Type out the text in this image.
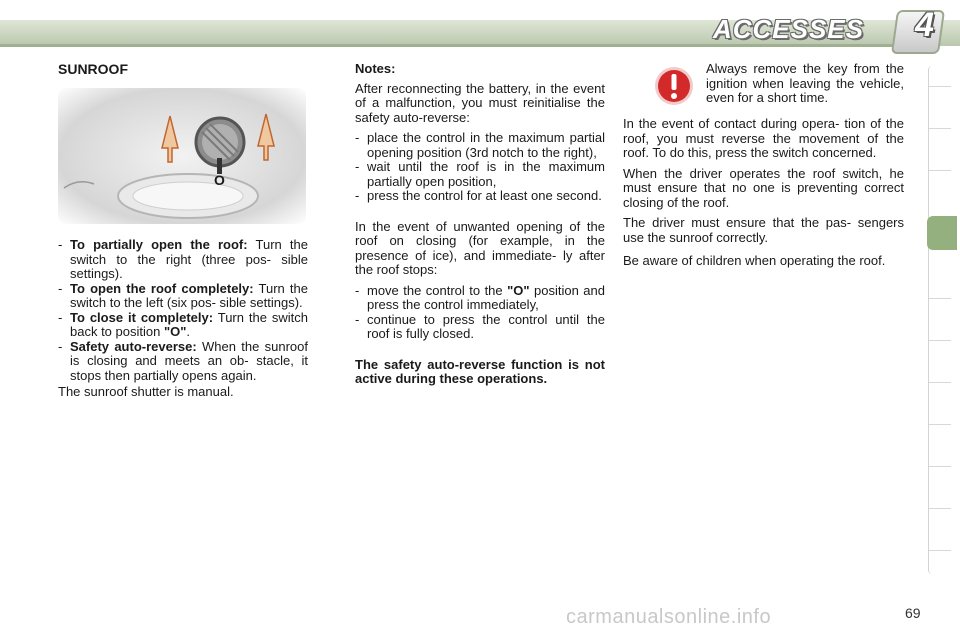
ACCESSES 4
SUNROOF
O
- To partially open the roof: Turn the switch to the right (three pos- sible settings).
- To open the roof completely: Turn the switch to the left (six pos- sible settings).
- To close it completely: Turn the switch back to position "O".
- Safety auto-reverse: When the sunroof is closing and meets an ob- stacle, it stops then partially opens again.

The sunroof shutter is manual.

Notes:

After reconnecting the battery, in the event of a malfunction, you must reinitialise the safety auto-reverse:

- place the control in the maximum partial opening position (3rd notch to the right),
- wait until the roof is in the maximum partially open position,
- press the control for at least one second.

In the event of unwanted opening of the roof on closing (for example, in the presence of ice), and immediate- ly after the roof stops:

- move the control to the "O" position and press the control immediately,
- continue to press the control until the roof is fully closed.

The safety auto-reverse function is not active during these operations.

Always remove the key from the ignition when leaving the vehicle, even for a short time.

In the event of contact during opera- tion of the roof, you must reverse the movement of the roof. To do this, press the switch concerned.

When the driver operates the roof switch, he must ensure that no one is preventing correct closing of the roof.

The driver must ensure that the pas- sengers use the sunroof correctly.

Be aware of children when operating the roof.

carmanualsonline.info	69
